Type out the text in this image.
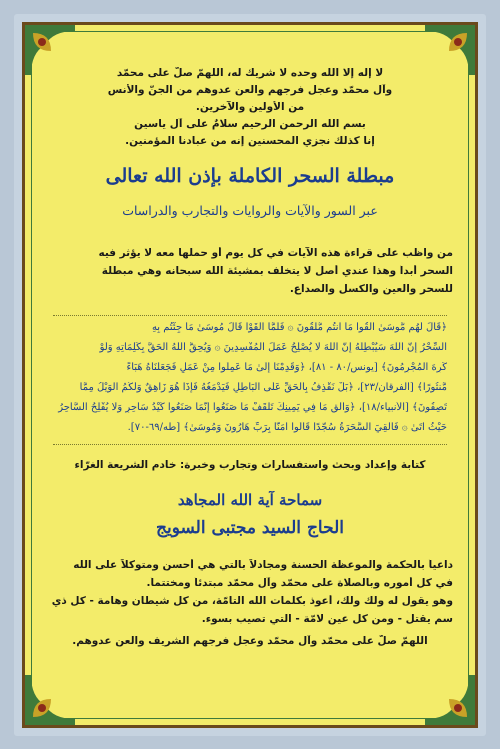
لا إله إلا الله وحده لا شريك له، اللهمّ صلّ على محمّد
وآل محمّد وعجل فرجهم والعن عدوهم من الجنّ والأنس
من الأولين والآخرين.
بسم الله الرحمن الرحيم سلامٌ على آل ياسين
إنا كذلك نجزي المحسنين إنه من عبادنا المؤمنين.
مبطلة السحر الكاملة بإذن الله تعالى
عبر السور والآيات والروايات والتجارب والدراسات
من واظب على قراءة هذه الآيات في كل يوم أو حملها معه لا يؤثر فيه
السحر أبداً وهذا عندي أصل لا يتخلف بمشيئة الله سبحانه وهي مبطلة
للسحر والعين والكسل والصداع.
﴿قَالَ لَهُم مُّوسَىٰ أَلْقُوا مَا أَنتُم مُّلْقُونَ ۞ فَلَمَّا أَلْقَوْا قَالَ مُوسَىٰ مَا جِئْتُم بِهِ
السِّحْرُ إِنَّ اللَّهَ سَيُبْطِلُهُ إِنَّ اللَّهَ لَا يُصْلِحُ عَمَلَ الْمُفْسِدِينَ ۞ وَيُحِقُّ اللَّهُ الْحَقَّ بِكَلِمَاتِهِ وَلَوْ
كَرِهَ الْمُجْرِمُونَ﴾ [يونس/٨٠ - ٨١]، ﴿وَقَدِمْنَا إِلَىٰ مَا عَمِلُوا مِنْ عَمَلٍ فَجَعَلْنَاهُ هَبَاءً
مَّنثُورًا﴾ [الفرقان/٢٣]، ﴿بَلْ نَقْذِفُ بِالْحَقِّ عَلَى الْبَاطِلِ فَيَدْمَغُهُ فَإِذَا هُوَ زَاهِقٌ وَلَكُمُ الْوَيْلُ مِمَّا
تَصِفُونَ﴾ [الأنبياء/١٨]، ﴿وَأَلْقِ مَا فِي يَمِينِكَ تَلْقَفْ مَا صَنَعُوا إِنَّمَا صَنَعُوا كَيْدُ سَاحِرٍ وَلَا يُفْلِحُ السَّاحِرُ
حَيْثُ أَتَىٰ ۞ فَأُلْقِيَ السَّحَرَةُ سُجَّدًا قَالُوا آمَنَّا بِرَبِّ هَارُونَ وَمُوسَىٰ﴾ [طه/٦٩-٧٠].
كتابة وإعداد وبحث واستفسارات وتجارب وخبرة: خادم الشريعة الغرّاء
سماحة آية الله المجاهد
الحاج السيد مجتبى السويج
داعياً بالحكمة والموعظة الحسنة ومجادلاً بالتي هي أحسن ومتوكلاً على الله
في كل أموره وبالصلاة على محمّد وآل محمّد مبتدئاً ومختتماً.
وهو يقول له ولك ولك، أعوذ بكلمات الله التامّة، من كل شيطان وهامة - كل ذي
سم يقتل - ومن كل عين لامّة - التي تصيب بسوء.
اللهمّ صلّ على محمّد وآل محمّد وعجل فرجهم الشريف والعن عدوهم.
